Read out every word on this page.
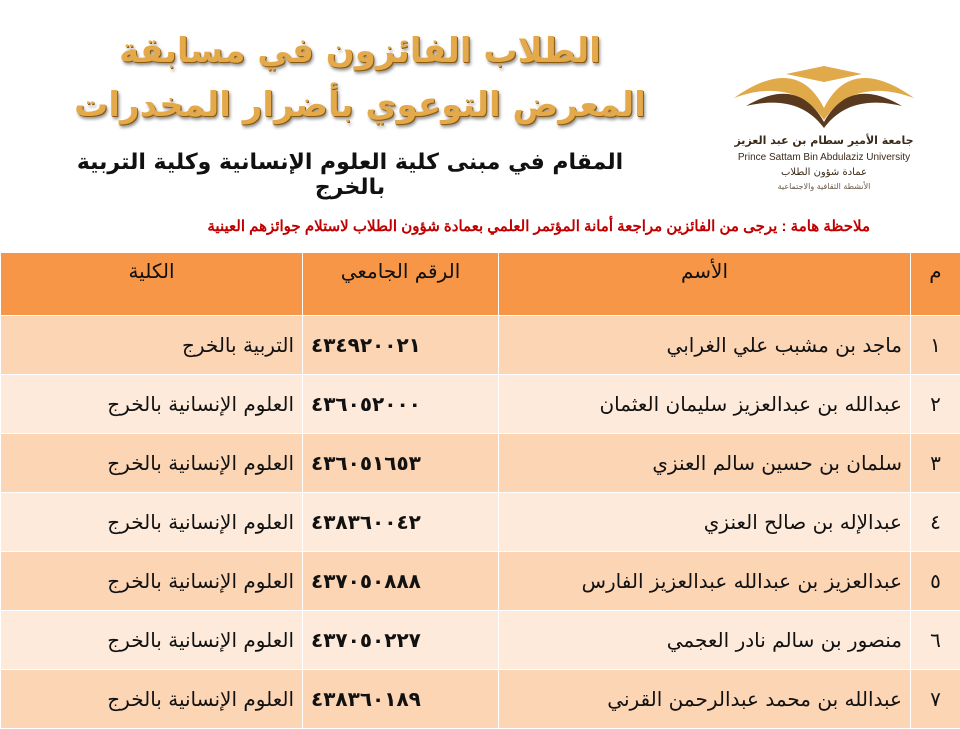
الطلاب الفائزون في مسابقة
المعرض التوعوي بأضرار المخدرات
المقام في مبنى كلية العلوم الإنسانية وكلية التربية بالخرج
جامعة الأمير سطام بن عبد العزيز
Prince Sattam Bin Abdulaziz University
عمادة شؤون الطلاب
الأنشطة الثقافية والاجتماعية
ملاحظة هامة : يرجى من الفائزين مراجعة أمانة المؤتمر العلمي بعمادة شؤون الطلاب لاستلام جوائزهم العينية
م	الأسم	الرقم الجامعي	الكلية
١	ماجد بن مشبب علي الغرابي	٤٣٤٩٢٠٠٢١	التربية بالخرج
٢	عبدالله بن عبدالعزيز سليمان العثمان	٤٣٦٠٥٢٠٠٠	العلوم الإنسانية بالخرج
٣	سلمان بن حسين سالم العنزي	٤٣٦٠٥١٦٥٣	العلوم الإنسانية بالخرج
٤	عبدالإله بن صالح العنزي	٤٣٨٣٦٠٠٤٢	العلوم الإنسانية بالخرج
٥	عبدالعزيز بن عبدالله عبدالعزيز الفارس	٤٣٧٠٥٠٨٨٨	العلوم الإنسانية بالخرج
٦	منصور بن سالم نادر العجمي	٤٣٧٠٥٠٢٢٧	العلوم الإنسانية بالخرج
٧	عبدالله بن محمد عبدالرحمن القرني	٤٣٨٣٦٠١٨٩	العلوم الإنسانية بالخرج
